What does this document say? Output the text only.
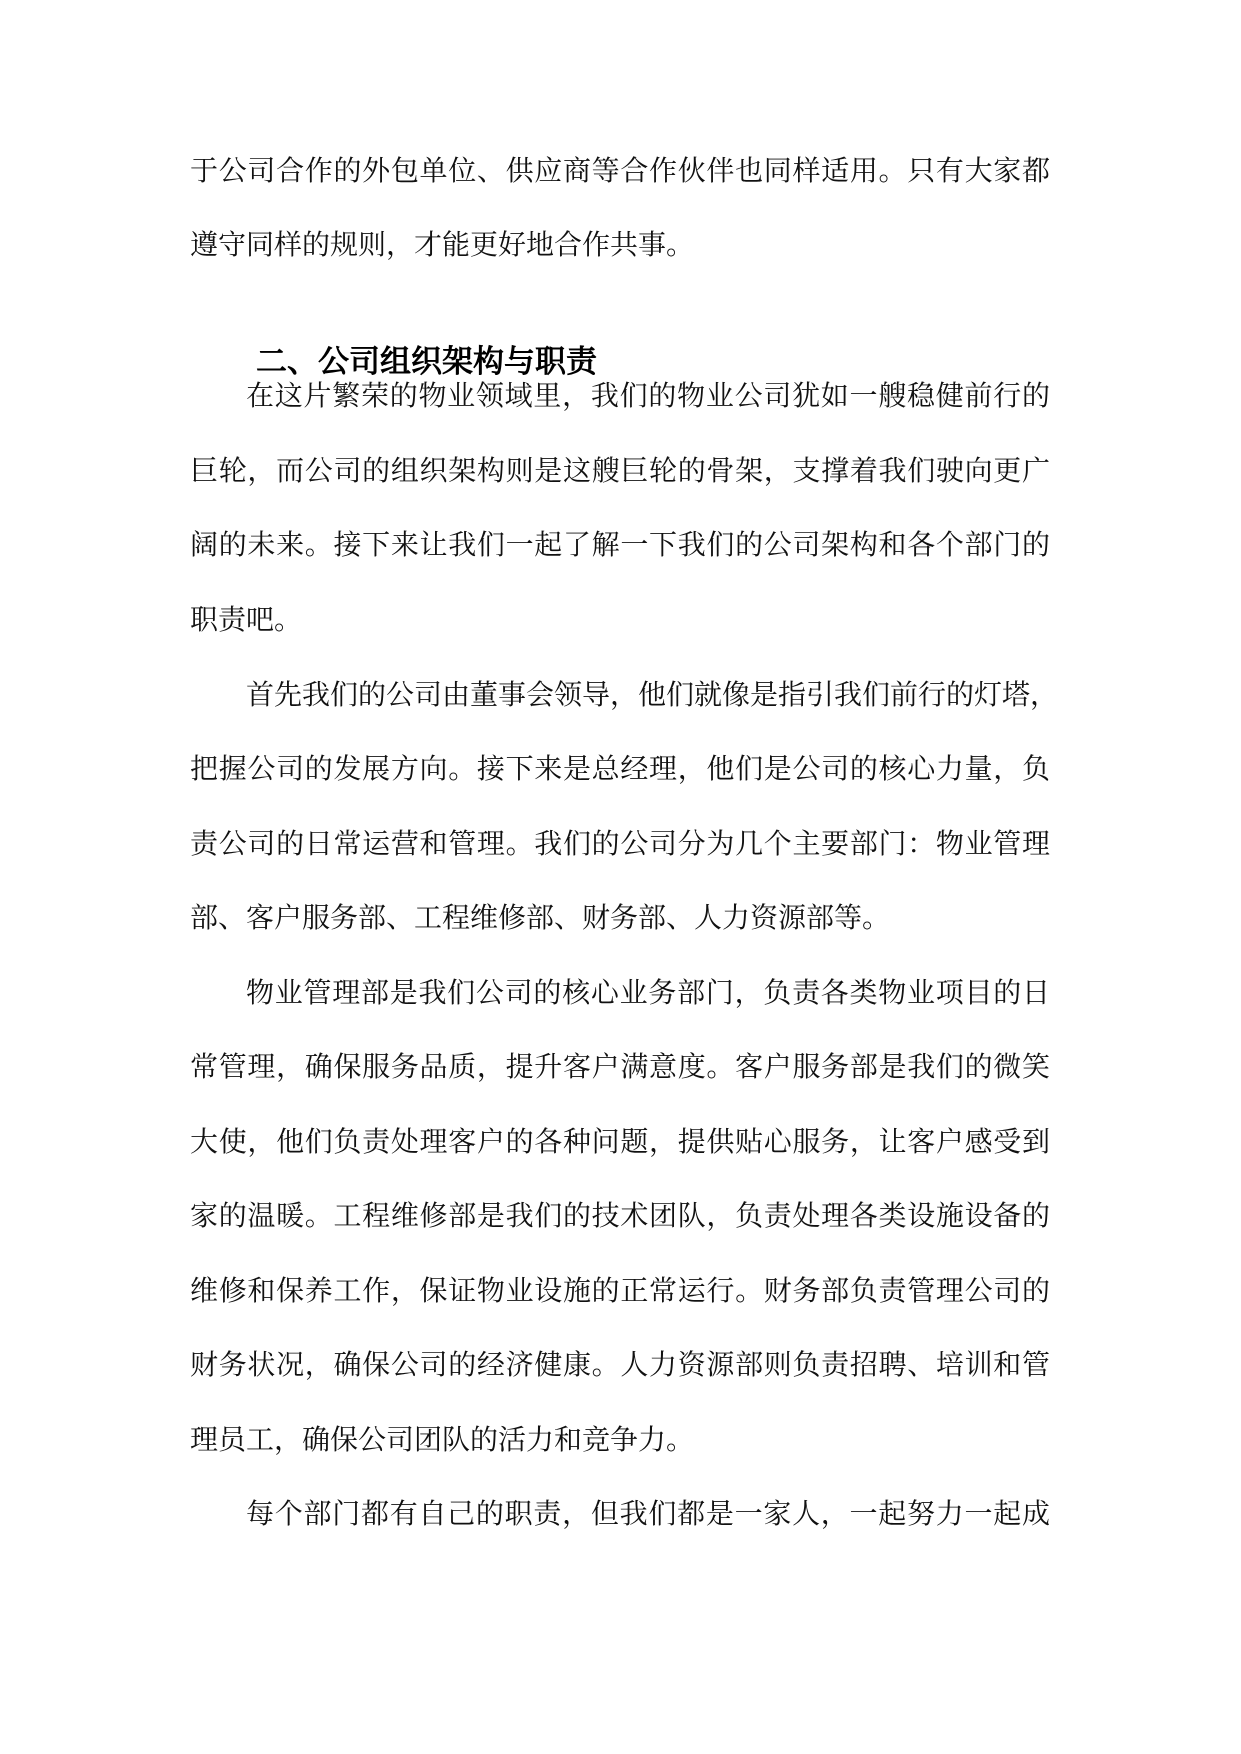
于公司合作的外包单位、供应商等合作伙伴也同样适用。只有大家都

遵守同样的规则，才能更好地合作共事。

二、公司组织架构与职责

在这片繁荣的物业领域里，我们的物业公司犹如一艘稳健前行的

巨轮，而公司的组织架构则是这艘巨轮的骨架，支撑着我们驶向更广

阔的未来。接下来让我们一起了解一下我们的公司架构和各个部门的

职责吧。

首先我们的公司由董事会领导，他们就像是指引我们前行的灯塔，

把握公司的发展方向。接下来是总经理，他们是公司的核心力量，负

责公司的日常运营和管理。我们的公司分为几个主要部门：物业管理

部、客户服务部、工程维修部、财务部、人力资源部等。

物业管理部是我们公司的核心业务部门，负责各类物业项目的日

常管理，确保服务品质，提升客户满意度。客户服务部是我们的微笑

大使，他们负责处理客户的各种问题，提供贴心服务，让客户感受到

家的温暖。工程维修部是我们的技术团队，负责处理各类设施设备的

维修和保养工作，保证物业设施的正常运行。财务部负责管理公司的

财务状况，确保公司的经济健康。人力资源部则负责招聘、培训和管

理员工，确保公司团队的活力和竞争力。

每个部门都有自己的职责，但我们都是一家人，一起努力一起成
